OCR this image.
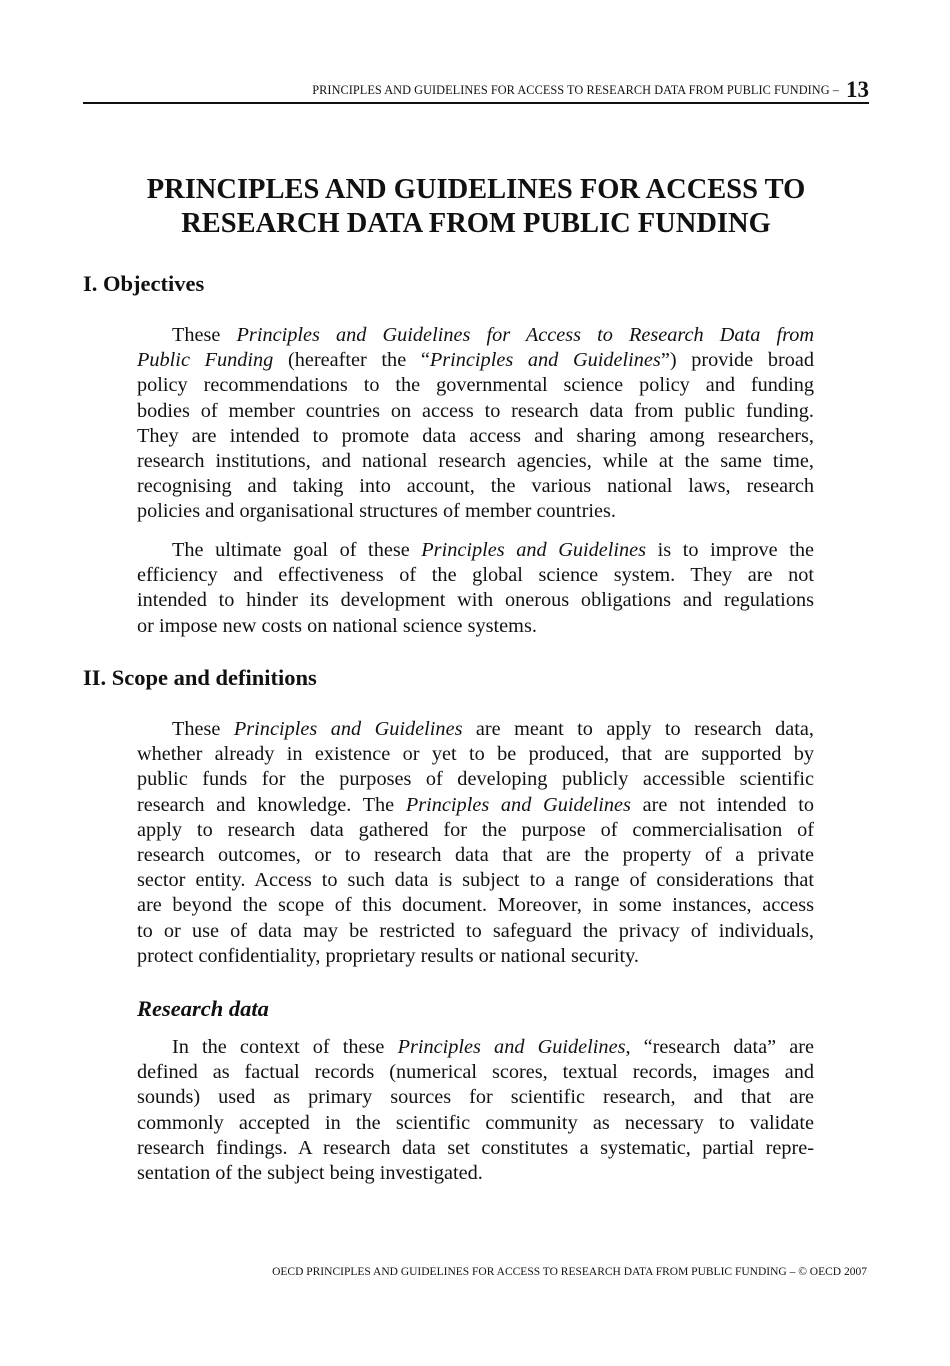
PRINCIPLES AND GUIDELINES FOR ACCESS TO RESEARCH DATA FROM PUBLIC FUNDING – 13
PRINCIPLES AND GUIDELINES FOR ACCESS TO
RESEARCH DATA FROM PUBLIC FUNDING
I. Objectives

These Principles and Guidelines for Access to Research Data from
Public Funding (hereafter the “Principles and Guidelines”) provide broad
policy recommendations to the governmental science policy and funding
bodies of member countries on access to research data from public funding.
They are intended to promote data access and sharing among researchers,
research institutions, and national research agencies, while at the same time,
recognising and taking into account, the various national laws, research
policies and organisational structures of member countries.

The ultimate goal of these Principles and Guidelines is to improve the
efficiency and effectiveness of the global science system. They are not
intended to hinder its development with onerous obligations and regulations
or impose new costs on national science systems.

II. Scope and definitions

These Principles and Guidelines are meant to apply to research data,
whether already in existence or yet to be produced, that are supported by
public funds for the purposes of developing publicly accessible scientific
research and knowledge. The Principles and Guidelines are not intended to
apply to research data gathered for the purpose of commercialisation of
research outcomes, or to research data that are the property of a private
sector entity. Access to such data is subject to a range of considerations that
are beyond the scope of this document. Moreover, in some instances, access
to or use of data may be restricted to safeguard the privacy of individuals,
protect confidentiality, proprietary results or national security.

Research data

In the context of these Principles and Guidelines, “research data” are
defined as factual records (numerical scores, textual records, images and
sounds) used as primary sources for scientific research, and that are
commonly accepted in the scientific community as necessary to validate
research findings. A research data set constitutes a systematic, partial repre-
sentation of the subject being investigated.

OECD PRINCIPLES AND GUIDELINES FOR ACCESS TO RESEARCH DATA FROM PUBLIC FUNDING – © OECD 2007
